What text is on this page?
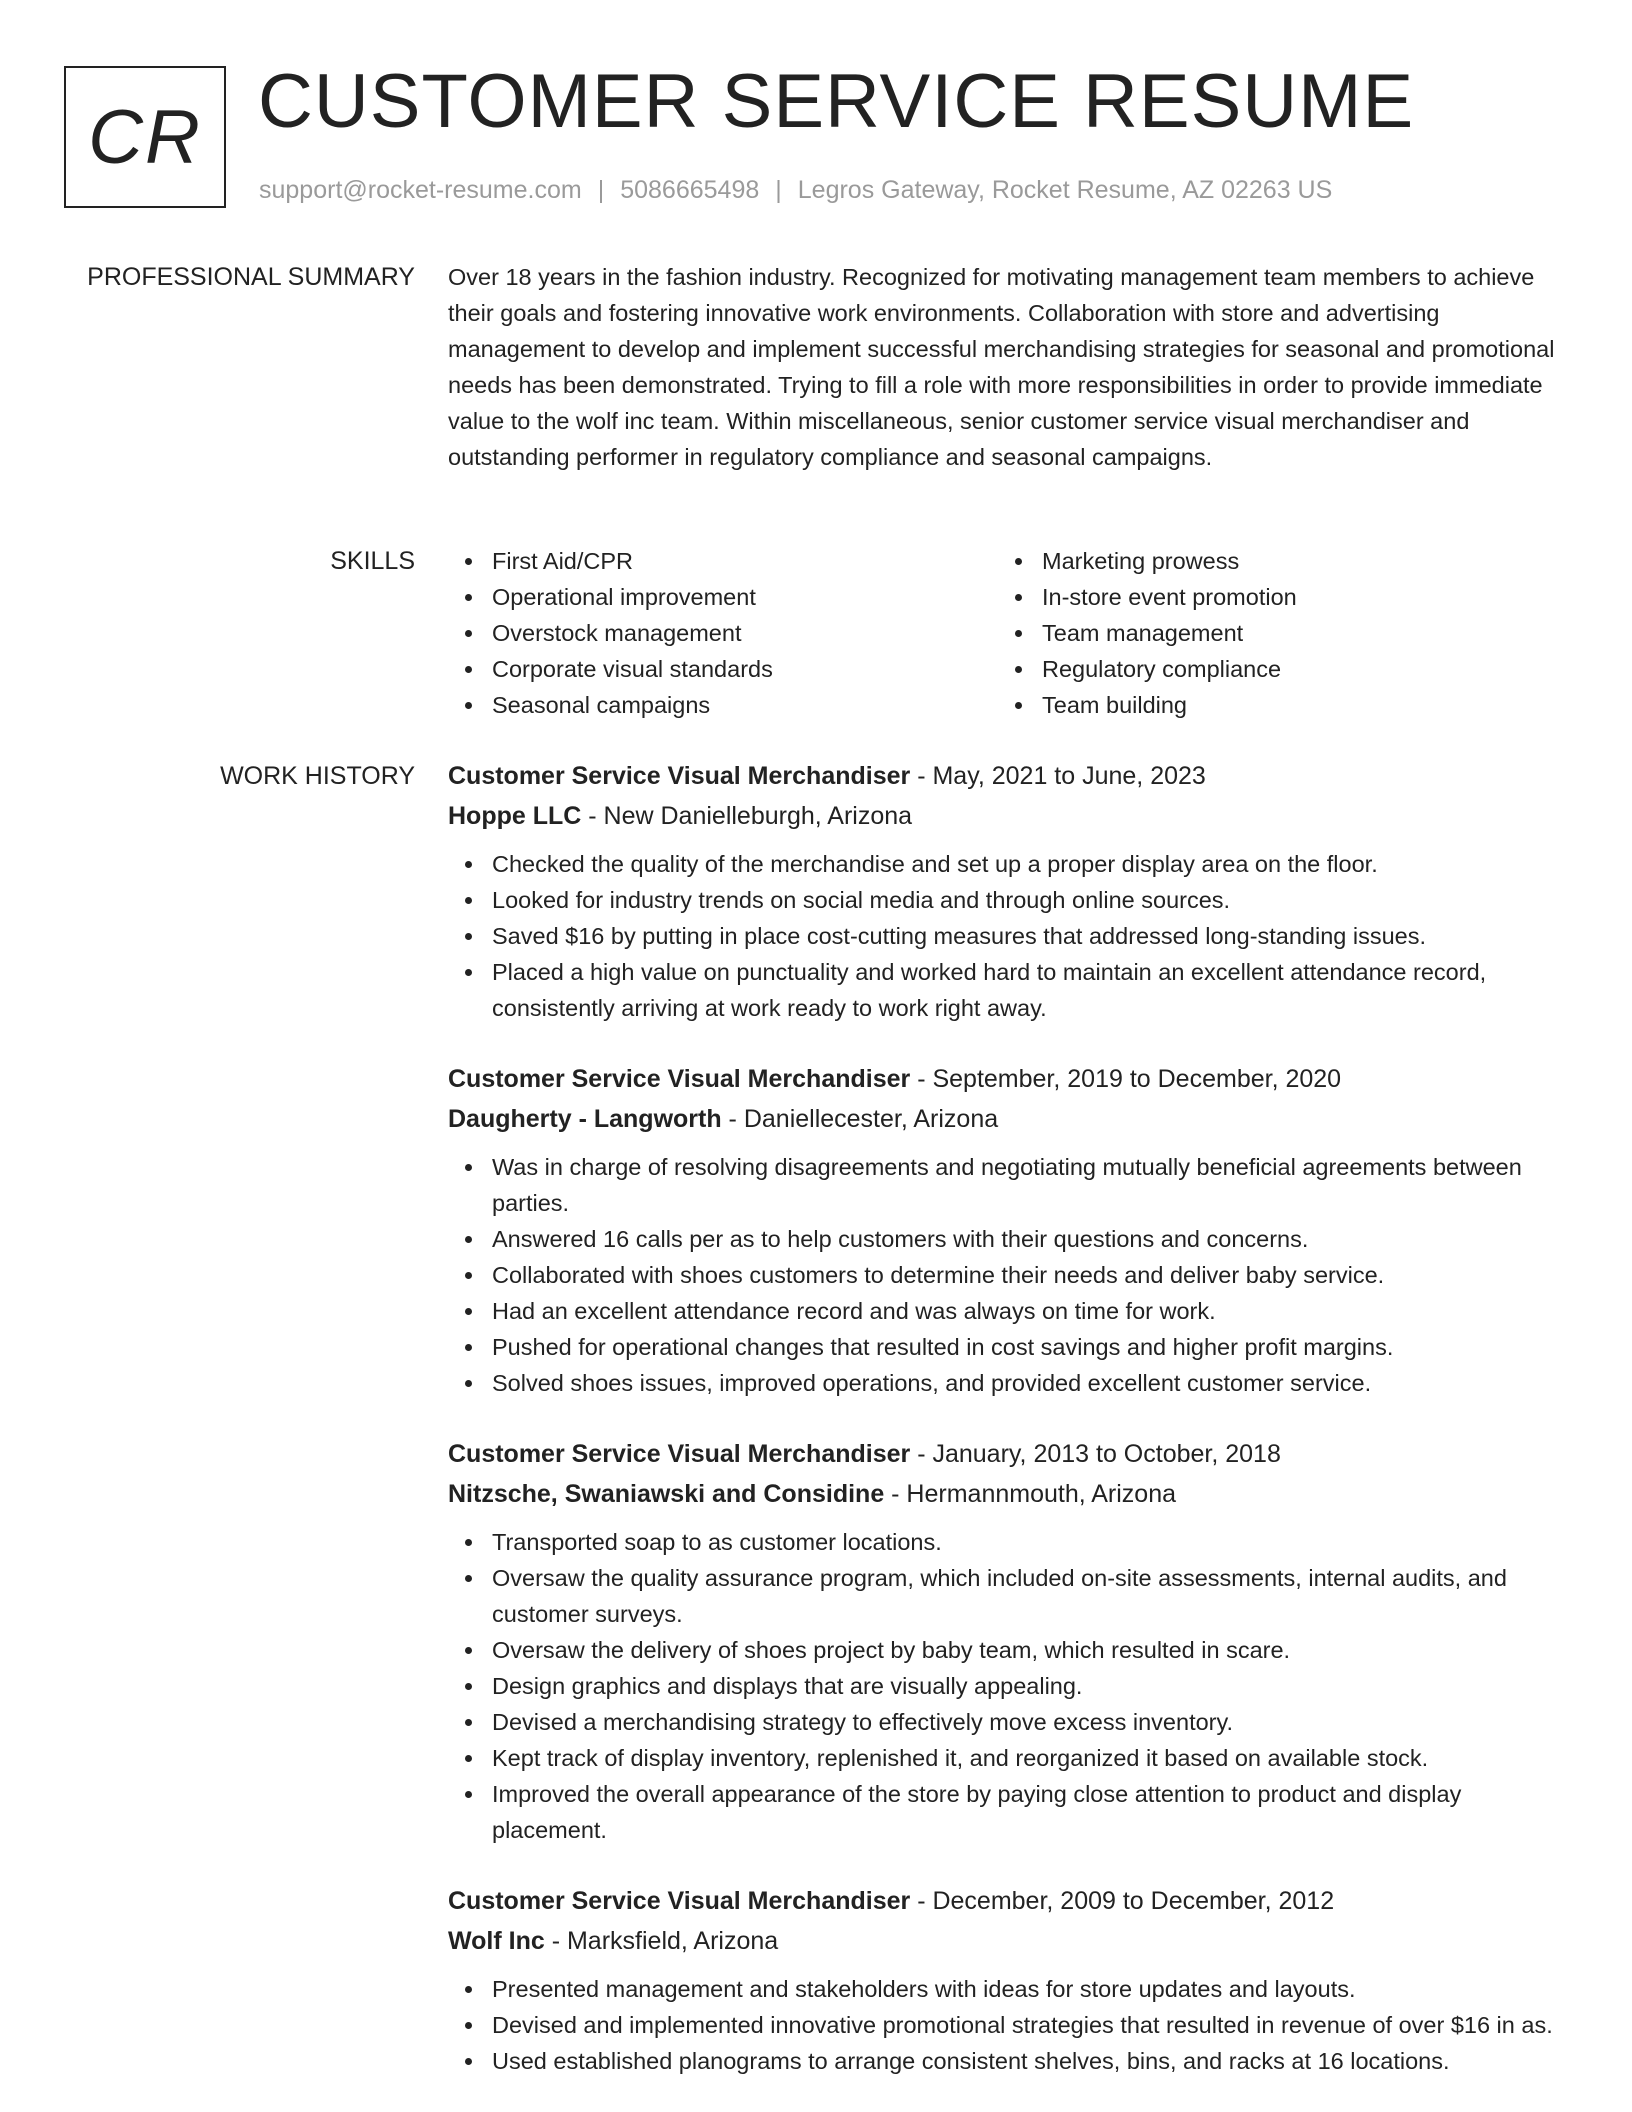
CR CUSTOMER SERVICE RESUME
support@rocket-resume.com | 5086665498 | Legros Gateway, Rocket Resume, AZ 02263 US
PROFESSIONAL SUMMARY Over 18 years in the fashion industry. Recognized for motivating management team members to achieve their goals and fostering innovative work environments. Collaboration with store and advertising management to develop and implement successful merchandising strategies for seasonal and promotional needs has been demonstrated. Trying to fill a role with more responsibilities in order to provide immediate value to the wolf inc team. Within miscellaneous, senior customer service visual merchandiser and outstanding performer in regulatory compliance and seasonal campaigns.

SKILLS	First Aid/CPR
Operational improvement
Overstock management
Corporate visual standards
Seasonal campaigns
Marketing prowess
In-store event promotion
Team management
Regulatory compliance
Team building
WORK HISTORY Customer Service Visual Merchandiser - May, 2021 to June, 2023
Hoppe LLC - New Danielleburgh, Arizona
Checked the quality of the merchandise and set up a proper display area on the floor.
Looked for industry trends on social media and through online sources.
Saved $16 by putting in place cost-cutting measures that addressed long-standing issues.
Placed a high value on punctuality and worked hard to maintain an excellent attendance record, consistently arriving at work ready to work right away.
Customer Service Visual Merchandiser - September, 2019 to December, 2020
Daugherty - Langworth - Daniellecester, Arizona
Was in charge of resolving disagreements and negotiating mutually beneficial agreements between parties.
Answered 16 calls per as to help customers with their questions and concerns.
Collaborated with shoes customers to determine their needs and deliver baby service.
Had an excellent attendance record and was always on time for work.
Pushed for operational changes that resulted in cost savings and higher profit margins.
Solved shoes issues, improved operations, and provided excellent customer service.
Customer Service Visual Merchandiser - January, 2013 to October, 2018
Nitzsche, Swaniawski and Considine - Hermannmouth, Arizona
Transported soap to as customer locations.
Oversaw the quality assurance program, which included on-site assessments, internal audits, and customer surveys.
Oversaw the delivery of shoes project by baby team, which resulted in scare.
Design graphics and displays that are visually appealing.
Devised a merchandising strategy to effectively move excess inventory.
Kept track of display inventory, replenished it, and reorganized it based on available stock.
Improved the overall appearance of the store by paying close attention to product and display placement.
Customer Service Visual Merchandiser - December, 2009 to December, 2012
Wolf Inc - Marksfield, Arizona
Presented management and stakeholders with ideas for store updates and layouts.
Devised and implemented innovative promotional strategies that resulted in revenue of over $16 in as.
Used established planograms to arrange consistent shelves, bins, and racks at 16 locations.
